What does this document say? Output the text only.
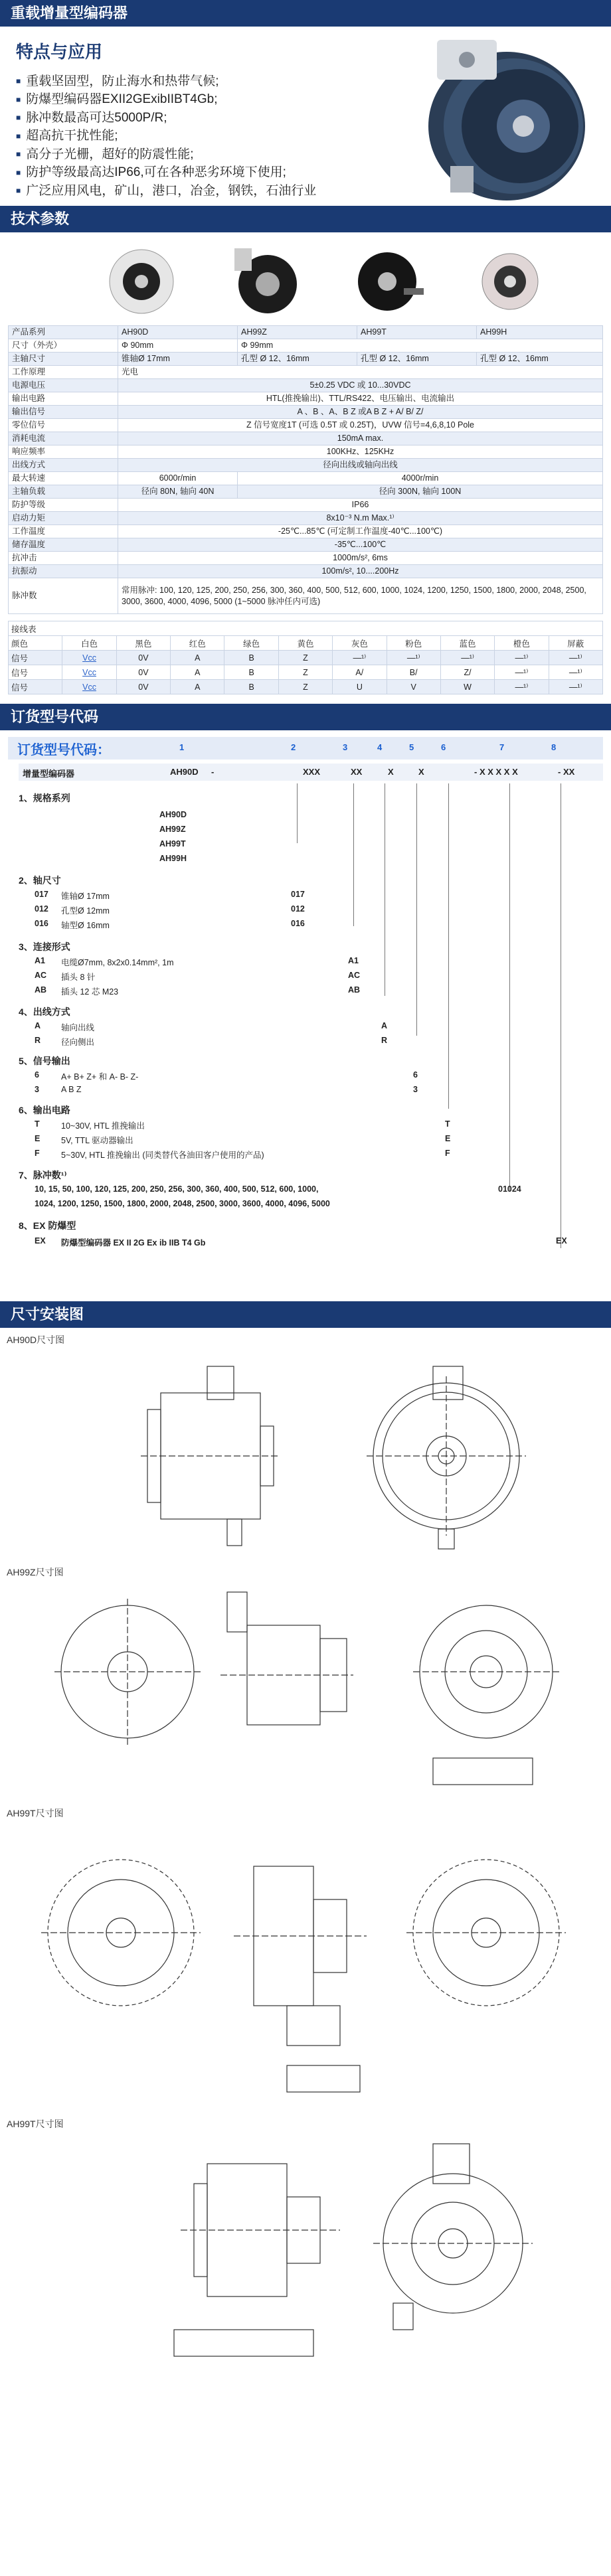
重载增量型编码器
特点与应用
■ 重载坚固型，防止海水和热带气候;
■ 防爆型编码器EXII2GExibIIBT4Gb;
■ 脉冲数最高可达5000P/R;
■ 超高抗干扰性能;
■ 高分子光栅，超好的防震性能;
■ 防护等级最高达IP66,可在各种恶劣环境下使用;
■ 广泛应用风电，矿山，港口，冶金，钢铁，石油行业
技术参数
产品系列	AH90D	AH99Z	AH99T	AH99H
尺寸（外壳）	Φ 90mm	Φ 99mm		
主轴尺寸	锥轴Ø 17mm	孔型 Ø 12、16mm	孔型 Ø 12、16mm	孔型 Ø 12、16mm
工作原理	光电			
电源电压	5±0.25 VDC 或 10...30VDC			
输出电路	HTL(推挽输出)、TTL/RS422、电压输出、电流输出			
输出信号	A 、B 、A、B Z 或A B Z + A/ B/ Z/			
零位信号	Z 信号宽度1T (可选 0.5T 或 0.25T)，UVW 信号=4,6,8,10 Pole			
消耗电流	150mA max.			
响应频率	100KHz、125KHz			
出线方式	径向出线或轴向出线			
最大转速	6000r/min	4000r/min		
主轴负载	径向 80N, 轴向 40N	径向 300N, 轴向 100N		
防护等级	IP66			
启动力矩	8x10⁻³ N.m Max.¹⁾			
工作温度	-25℃...85℃ (可定制工作温度-40℃...100℃)			
储存温度	-35℃...100℃			
抗冲击	1000m/s², 6ms			
抗振动	100m/s², 10....200Hz			
脉冲数	常用脉冲: 100, 120, 125, 200, 250, 256, 300, 360, 400, 500, 512, 600, 1000, 1024, 1200, 1250, 1500, 1800, 2000, 2048, 2500, 3000, 3600, 4000, 4096, 5000 (1~5000 脉冲任内可选)			
接线表										
颜色	白色	黑色	红色	绿色	黄色	灰色	粉色	蓝色	橙色	屏蔽
信号	Vcc	0V	A	B	Z	—¹⁾	—¹⁾	—¹⁾	—¹⁾	—¹⁾
信号	Vcc	0V	A	B	Z	A/	B/	Z/	—¹⁾	—¹⁾
信号	Vcc	0V	A	B	Z	U	V	W	—¹⁾	—¹⁾
订货型号代码
订货型号代码：	1	2	3	4	5	6	7	8
增量型编码器	AH90D -	XXX	XX	X	X	- X X X X X	- XX
1、规格系列
AH90D
AH99Z
AH99T
AH99H
2、轴尺寸
017 锥轴Ø 17mm	017
012 孔型Ø 12mm	012
016 轴型Ø 16mm	016
3、连接形式
A1 电缆Ø7mm, 8x2x0.14mm², 1m	A1
AC 插头 8 针	AC
AB 插头 12 芯 M23	AB
4、出线方式
A 轴向出线	A
R 径向侧出	R
5、信号输出
6	A+ B+ Z+ 和 A- B- Z-	6
3	A B Z	3
6、输出电路
T	10~30V, HTL 推挽输出	T
E	5V, TTL 驱动器输出	E
F	5~30V, HTL 推挽输出 (同类替代各油田客户使用的产品)	F
7、脉冲数¹⁾
10, 15, 50, 100, 120, 125, 200, 250, 256, 300, 360, 400, 500, 512, 600, 1000,	01024
1024, 1200, 1250, 1500, 1800, 2000, 2048, 2500, 3000, 3600, 4000, 4096, 5000
8、EX 防爆型
EX 防爆型编码器 EX II 2G Ex ib IIB T4 Gb	EX
尺寸安装图
AH90D尺寸图
AH99Z尺寸图
AH99T尺寸图
AH99T尺寸图
